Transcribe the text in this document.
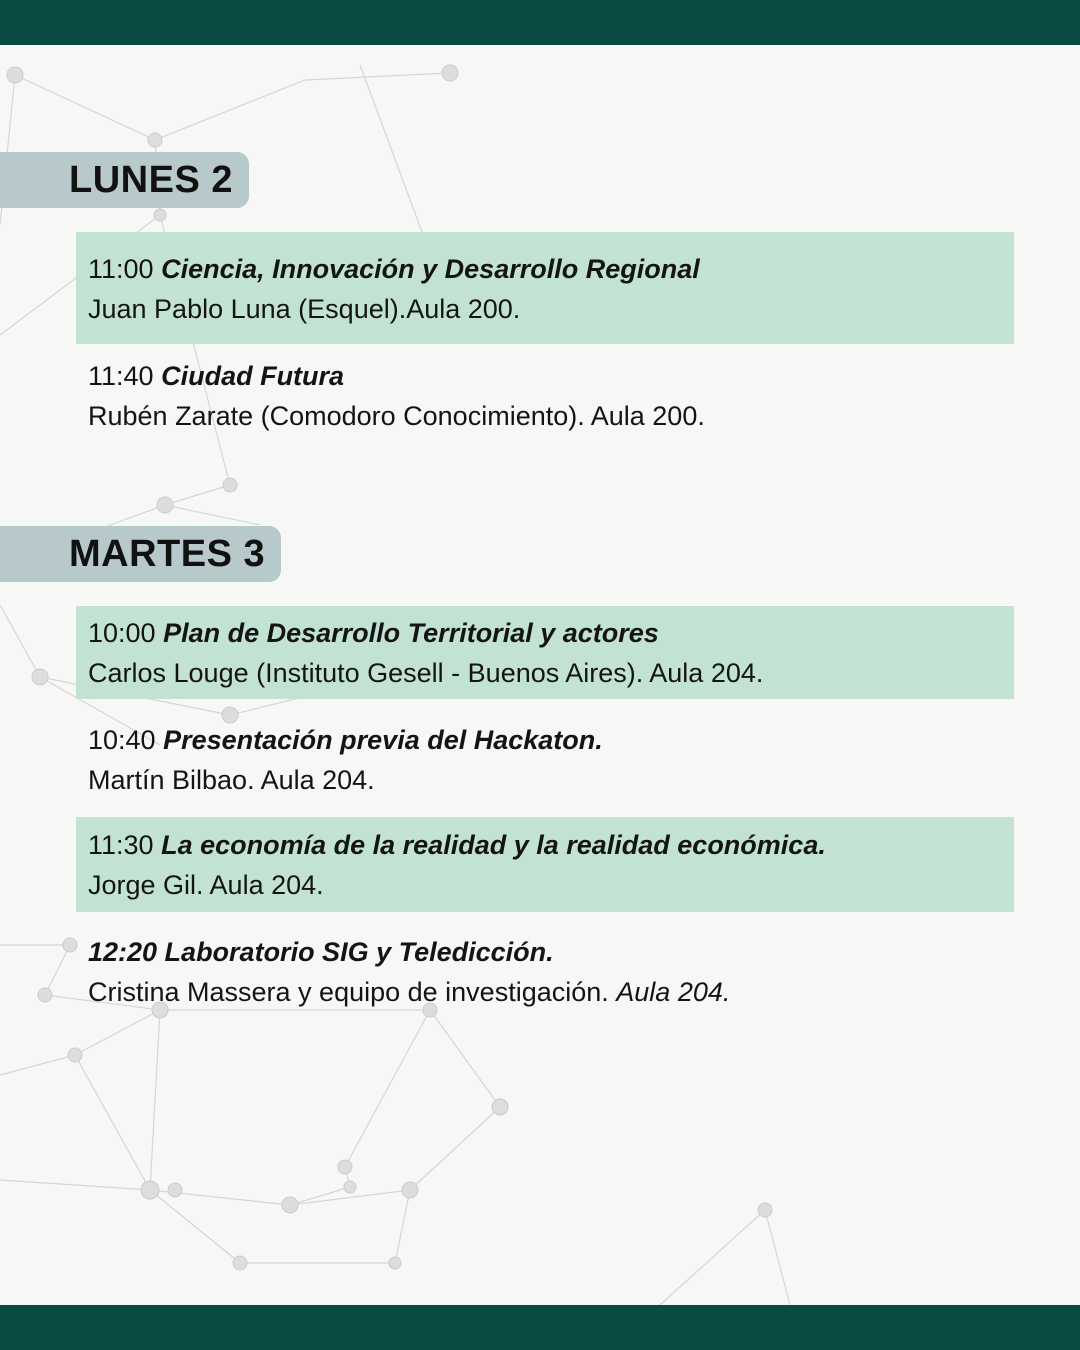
LUNES 2
11:00 Ciencia, Innovación y Desarrollo Regional
Juan Pablo Luna (Esquel).Aula 200.
11:40 Ciudad Futura
Rubén Zarate (Comodoro Conocimiento). Aula 200.
MARTES 3
10:00 Plan de Desarrollo Territorial y actores
Carlos Louge (Instituto Gesell - Buenos Aires). Aula 204.
10:40 Presentación previa del Hackaton.
Martín Bilbao. Aula 204.
11:30 La economía de la realidad y la realidad económica.
Jorge Gil. Aula 204.
12:20 Laboratorio SIG y Teledicción.
Cristina Massera y equipo de investigación. Aula 204.
